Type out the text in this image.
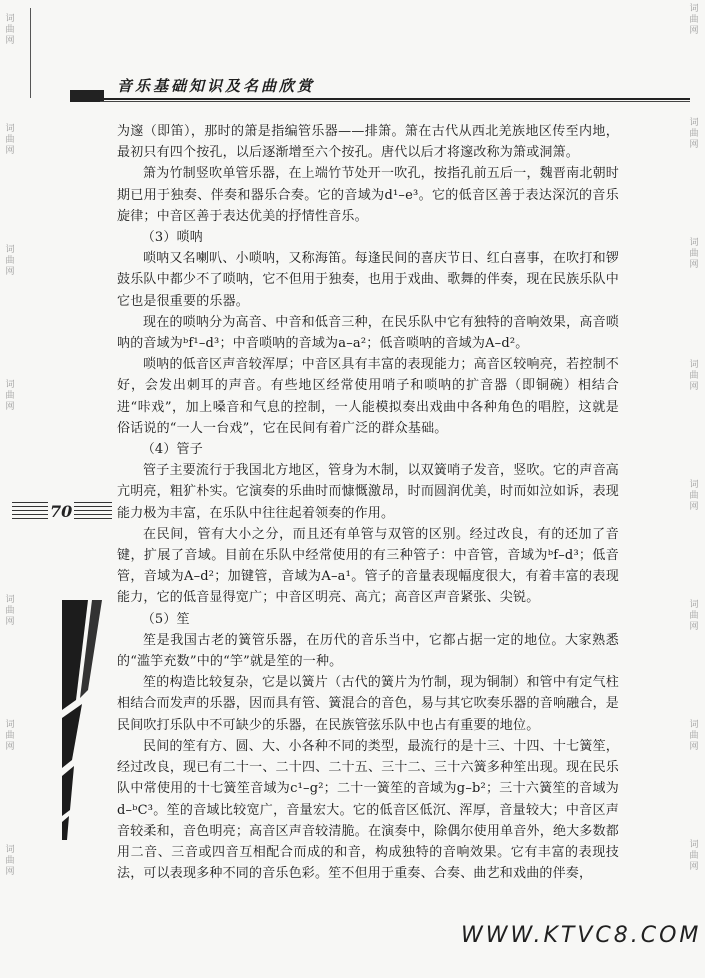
词
曲
网
词
曲
网
词
曲
网
词
曲
网
词
曲
网
词
曲
网
词
曲
网
词
曲
网
词
曲
网
词
曲
网
词
曲
网
词
曲
网
词
曲
网
词
曲
网
词
曲
网
音乐基础知识及名曲欣赏

为邃（即笛），那时的箫是指编管乐器——排箫。箫在古代从西北羌族地区传至内地，最初只有四个按孔，以后逐渐增至六个按孔。唐代以后才将邃改称为箫或洞箫。

箫为竹制竖吹单管乐器，在上端竹节处开一吹孔，按指孔前五后一，魏晋南北朝时期已用于独奏、伴奏和器乐合奏。它的音域为d¹–e³。它的低音区善于表达深沉的音乐旋律；中音区善于表达优美的抒情性音乐。

（3）唢呐

唢呐又名喇叭、小唢呐，又称海笛。每逢民间的喜庆节日、红白喜事，在吹打和锣鼓乐队中都少不了唢呐，它不但用于独奏，也用于戏曲、歌舞的伴奏，现在民族乐队中它也是很重要的乐器。

现在的唢呐分为高音、中音和低音三种，在民乐队中它有独特的音响效果，高音唢呐的音域为ᵇf¹–d³；中音唢呐的音域为a–a²；低音唢呐的音域为A–d²。

唢呐的低音区声音较浑厚；中音区具有丰富的表现能力；高音区较响亮，若控制不好，会发出刺耳的声音。有些地区经常使用哨子和唢呐的扩音器（即铜碗）相结合进“咔戏”，加上嗓音和气息的控制，一人能模拟奏出戏曲中各种角色的唱腔，这就是俗话说的“一人一台戏”，它在民间有着广泛的群众基础。

（4）管子

管子主要流行于我国北方地区，管身为木制，以双簧哨子发音，竖吹。它的声音高亢明亮，粗犷朴实。它演奏的乐曲时而慷慨激昂，时而圆润优美，时而如泣如诉，表现能力极为丰富，在乐队中往往起着领奏的作用。

在民间，管有大小之分，而且还有单管与双管的区别。经过改良，有的还加了音键，扩展了音域。目前在乐队中经常使用的有三种管子：中音管，音域为ᵇf–d³；低音管，音域为A–d²；加键管，音域为A–a¹。管子的音量表现幅度很大，有着丰富的表现能力，它的低音显得宽广；中音区明亮、高亢；高音区声音紧张、尖锐。

（5）笙

笙是我国古老的簧管乐器，在历代的音乐当中，它都占据一定的地位。大家熟悉的“滥竽充数”中的“竽”就是笙的一种。

笙的构造比较复杂，它是以簧片（古代的簧片为竹制，现为铜制）和管中有定气柱相结合而发声的乐器，因而具有管、簧混合的音色，易与其它吹奏乐器的音响融合，是民间吹打乐队中不可缺少的乐器，在民族管弦乐队中也占有重要的地位。

民间的笙有方、圆、大、小各种不同的类型，最流行的是十三、十四、十七簧笙，经过改良，现已有二十一、二十四、二十五、三十二、三十六簧多种笙出现。现在民乐队中常使用的十七簧笙音域为c¹–g²；二十一簧笙的音域为g–b²；三十六簧笙的音域为d–ᵇC³。笙的音域比较宽广，音量宏大。它的低音区低沉、浑厚，音量较大；中音区声音较柔和，音色明亮；高音区声音较清脆。在演奏中，除偶尔使用单音外，绝大多数都用二音、三音或四音互相配合而成的和音，构成独特的音响效果。它有丰富的表现技法，可以表现多种不同的音乐色彩。笙不但用于重奏、合奏、曲艺和戏曲的伴奏，

70
WWW.KTVC8.COM
